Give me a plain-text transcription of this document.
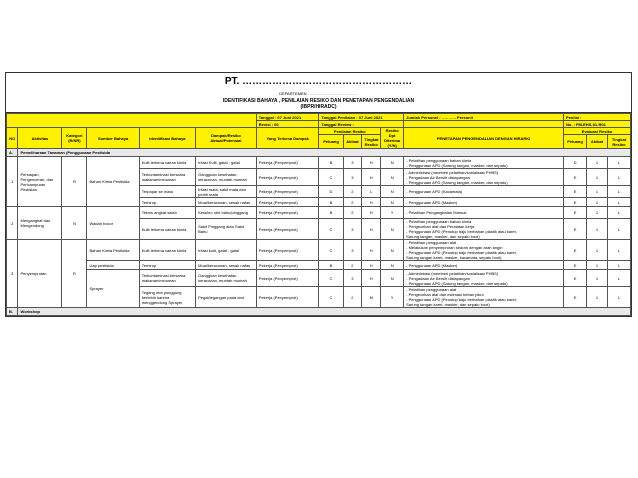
PT. ……………………………………………
DEPARTEMEN : ………………………………
IDENTIFIKASI BAHAYA , PENILAIAN RESIKO DAN PENETAPAN PENGENDALIAN
(IBPR/HIRADC)
						Tanggal : 07 Juni 2021	Tanggal Penilaian : 07 Juni 2021				Jumlah Personel : ……….. Personil	Penilai :		
						Revisi : 00	Tanggal Review :					No. : FM-EHS-01-R01		
NO	Aktivitas	Kategori (R/NR)	Sumber Bahaya	Identifikasi Bahaya	Dampak/Resiko Aktual/Potensial	Yang Terkena Dampak	Penilaian Resiko			Resiko Dpt Diterima (Y/N)	PENETAPAN PENGENDALIAN DENGAN HIRARKI	Evaluasi Resiko		
							Peluang	Akibat	Tingkat Resiko			Peluang	Akibat	Tingkat Resiko
A.	Pemeliharaan Tanaman (Penggunaan Pestisida													
1	Persiapan, Pengenceran, dan Pencampuran Pestisida	R	Bahan Kimia Pestisida	Kulit terkena cairan kimia	Iritasi Kulit, gatal - gatal	Pekerja (Penyemprot)	B	3	H	N	- Pelatihan penggunaan bahan kimia
- Penggunaan APD (Sarung tangan, masker, dan sepatu)	D	1	L
				Terkontaminasi bersama makanan/minuman	Gangguan kesehatan, keracunan, muntah muntah	Pekerja (Penyemprot)	C	3	H	N	- Administrasi (memberi pelatihan/sosialisasi PHBS)
- Pengadaan Air Bersih disiapangan
- Penggunaan APD (Sarung tangan, masker, dan sepatu)	E	1	L
				Terpapar ke mata	Iritasi mata, sakit mata dan pedih mata	Pekerja (Penyemprot)	D	2	L	N	- Penggunaan APD (Kacamata)	E	1	L
				Terhirup	Mual/keracunan, sesak nafas	Pekerja (Penyemprot)	B	2	H	N	- Penggunaan APD (Masker)	E	1	L
2	Mengangkat dan Mengendong	N	Wadah bocor	Teknis angkat salah	Keseleo otot bahu/pinggang	Pekerja (Penyemprot)	B	2	H	Y	- Pelatihan Pengangkatan Manual	E	1	L
				Kulit terkena cairan kimia	Sakit Pinggang atau Sakit Bahu	Pekerja (Penyemprot)	C	3	H	N	- Pelatihan penggunaan bahan kimia
- Pengecekan alat dan Peralatan kerja
- Penggunaan APD (Penutup baju berbahan plastik atau karet,
Sarung tangan, masker, dan sepatu boot)	E	1	L
3	Penyemprotan	R	Bahan Kimia Pestisida	Kulit terkena cairan kimia	Iritasi kulit, gatal - gatal	Pekerja (Penyemprot)	C	3	H	N	- Pelatihan penggunaan alat
- Melakukan penyemprotan searah dengan arah angin
- Penggunaan APD (Penutup baju berbahan plastik atau karet,
Sarung tangan karet, masker, kacamata, sepatu boot)	E	1	L
			Uap pestisida	Terhirup	Mual/keracunan, sesak nafas	Pekerja (Penyemprot)	B	2	H	N	- Penggunaan APD (Masker)	E	1	L
			Sprayer	Terkontaminasi bersama makanan/minuman	Gangguan kesehatan, keracunan, muntah muntah	Pekerja (Penyemprot)	C	3	H	N	- Administrasi (memberi pelatihan/sosialisasi PHBS)
- Pengadaan Air Bersih disiapangan
- Penggunaan APD (Sarung tangan, masker, dan sepatu)	E	1	L
				Tegang otot punggung berlebih karena menggendong Sprayer	Pegal/tegangan pada otot	Pekerja (Penyemprot)	C	2	M	Y	- Pelatihan penggunaan alat
- Pengecekan alat dan estimasi beban pikul
- Penggunaan APD (Penutup baju berbahan plastik atau karet,
Sarung tangan karet, masker, dan sepatu boot)	E	1	L
B.	Workshop													
